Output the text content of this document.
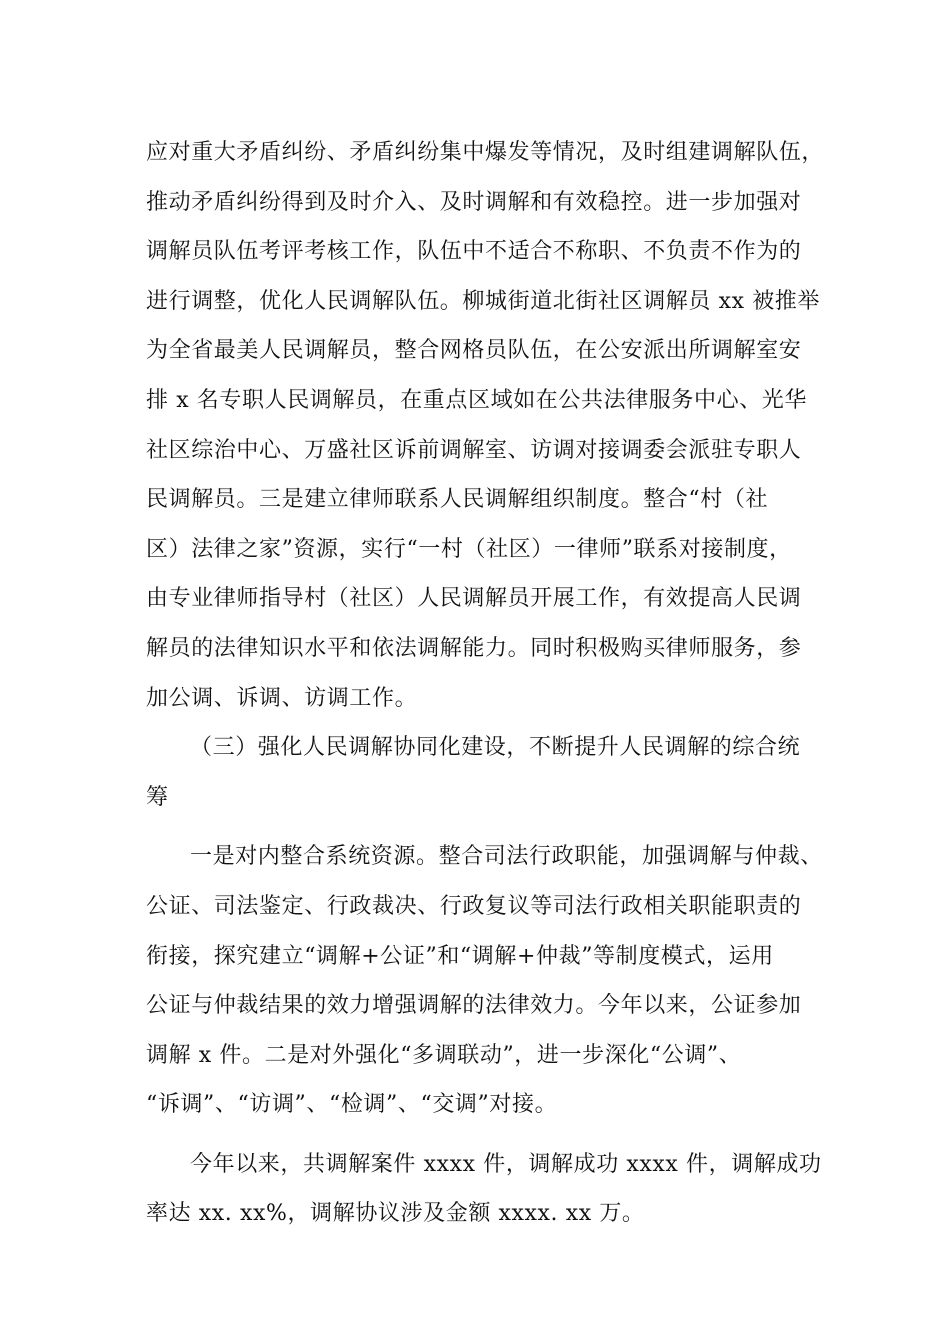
应对重大矛盾纠纷、矛盾纠纷集中爆发等情况，及时组建调解队伍，
推动矛盾纠纷得到及时介入、及时调解和有效稳控。进一步加强对
调解员队伍考评考核工作，队伍中不适合不称职、不负责不作为的
进行调整，优化人民调解队伍。柳城街道北街社区调解员 xx 被推举
为全省最美人民调解员，整合网格员队伍，在公安派出所调解室安
排 x 名专职人民调解员，在重点区域如在公共法律服务中心、光华
社区综治中心、万盛社区诉前调解室、访调对接调委会派驻专职人
民调解员。三是建立律师联系人民调解组织制度。整合“村（社
区）法律之家”资源，实行“一村（社区）一律师”联系对接制度，
由专业律师指导村（社区）人民调解员开展工作，有效提高人民调
解员的法律知识水平和依法调解能力。同时积极购买律师服务，参
加公调、诉调、访调工作。
（三）强化人民调解协同化建设，不断提升人民调解的综合统
筹
一是对内整合系统资源。整合司法行政职能，加强调解与仲裁、
公证、司法鉴定、行政裁决、行政复议等司法行政相关职能职责的
衔接，探究建立“调解+公证”和“调解+仲裁”等制度模式，运用
公证与仲裁结果的效力增强调解的法律效力。今年以来，公证参加
调解 x 件。二是对外强化“多调联动”，进一步深化“公调”、
“诉调”、“访调”、“检调”、“交调”对接。
今年以来，共调解案件 xxxx 件，调解成功 xxxx 件，调解成功
率达 xx. xx%，调解协议涉及金额 xxxx. xx 万。
